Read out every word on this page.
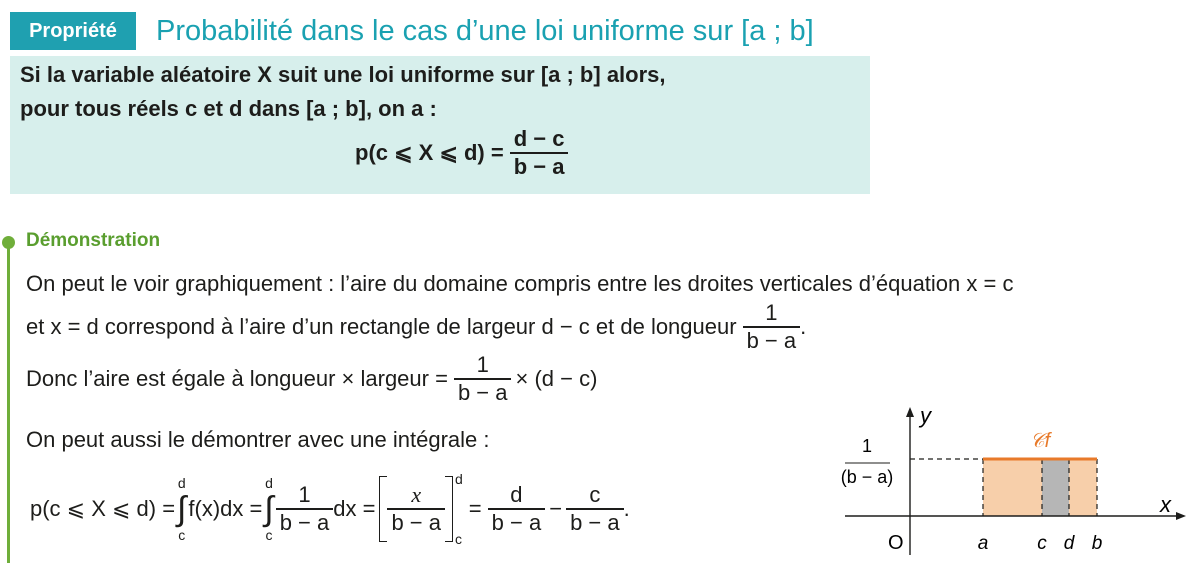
Propriété Probabilité dans le cas d’une loi uniforme sur [a ; b]
Si la variable aléatoire X suit une loi uniforme sur [a ; b] alors,
pour tous réels c et d dans [a ; b], on a :
p(c ⩽ X ⩽ $d) = \frac{d - c}{b - a}$
Démonstration
On peut le voir graphiquement : l’aire du domaine compris entre les droites verticales d’équation x = c
et x = d correspond à l’aire d’un rectangle de largeur d − c et de longueur $\frac{1}{b - a}$ .
Donc l’aire est égale à longueur × largeur = $\frac{1}{b - a} \times (d - c)$
On peut aussi le démontrer avec une intégrale :
p(c ⩽ X ⩽ d) =
d
∫
c
f(x)dx =
d
∫
c $\frac{1}{b - a}$ dx = $\frac{x}{b - a}$
d
c
= $\frac{d}{b - a} - \frac{c}{b - a}$ .
1
(b − a)
y
x
O
𝒞f
a	c d b
